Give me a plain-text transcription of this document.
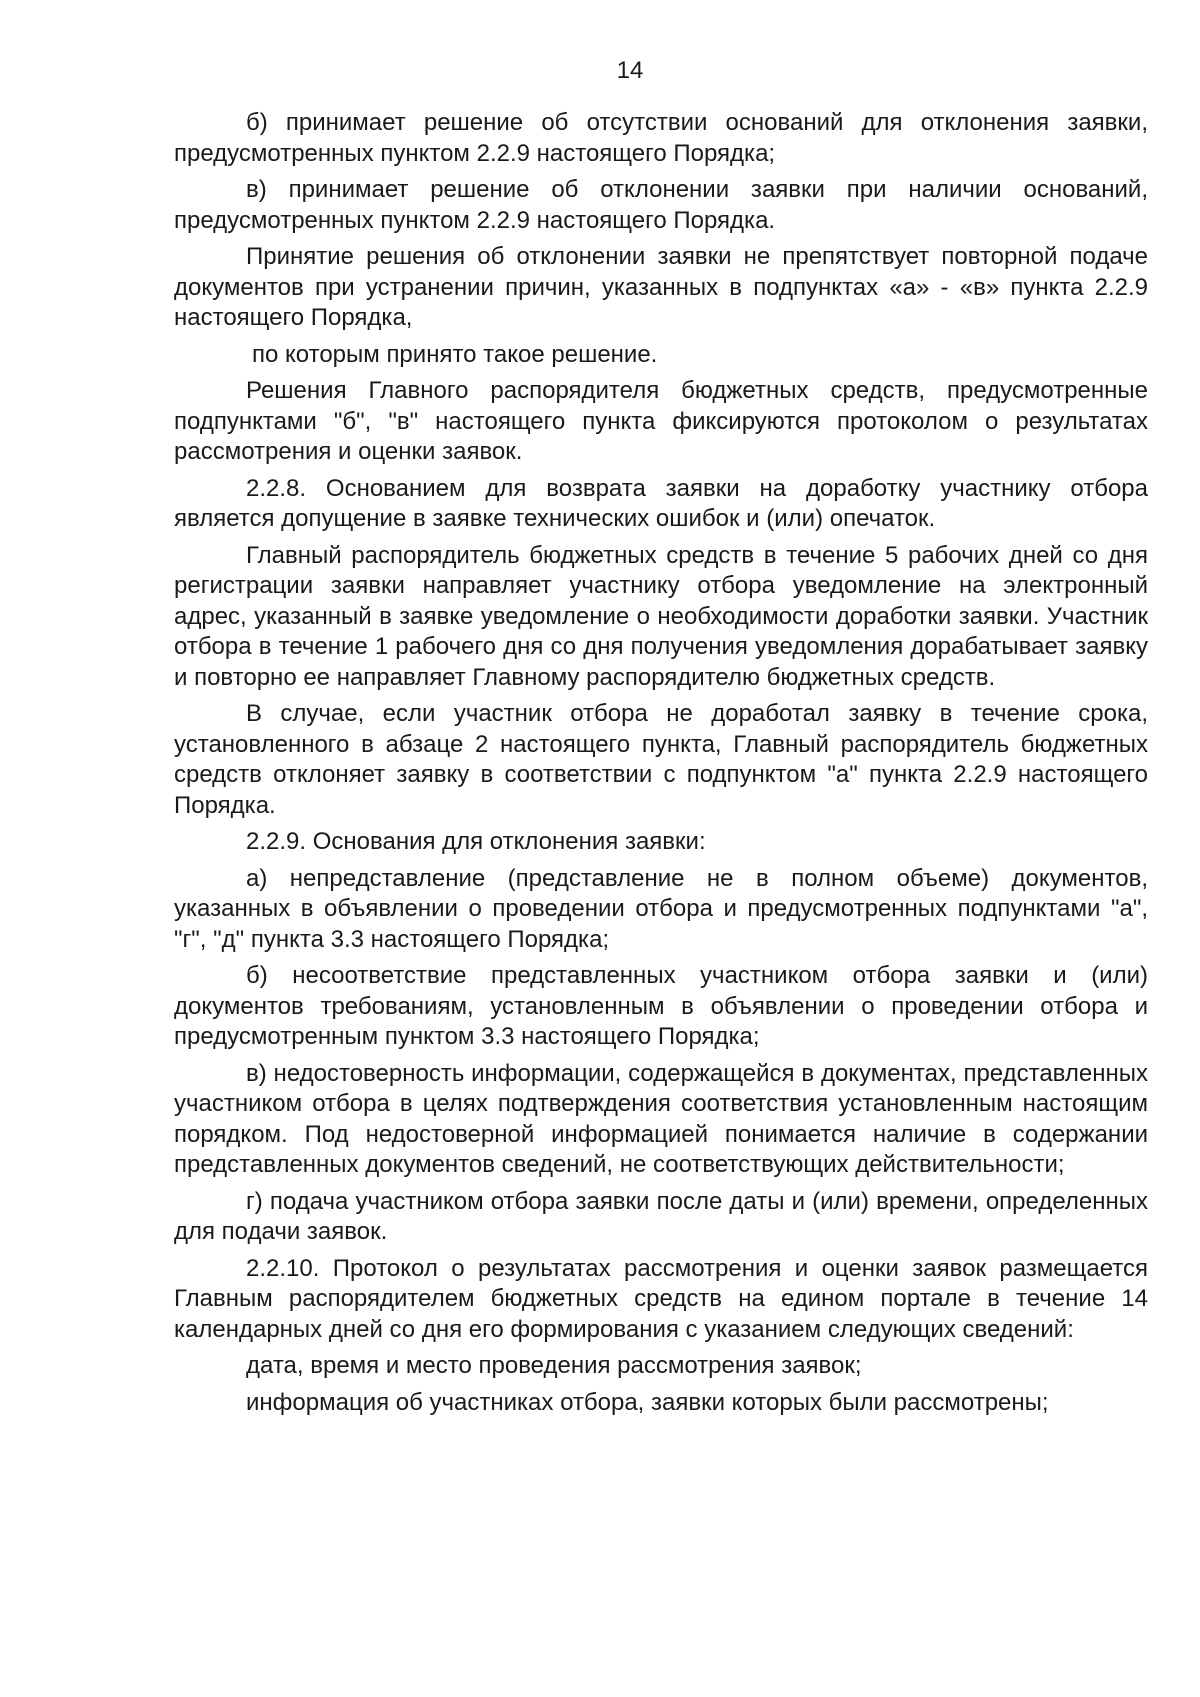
14

б) принимает решение об отсутствии оснований для отклонения заявки, предусмотренных пунктом 2.2.9 настоящего Порядка;

в) принимает решение об отклонении заявки при наличии оснований, предусмотренных пунктом 2.2.9 настоящего Порядка.

Принятие решения об отклонении заявки не препятствует повторной подаче документов при устранении причин, указанных в подпунктах «а» - «в» пункта 2.2.9 настоящего Порядка,

по которым принято такое решение.

Решения Главного распорядителя бюджетных средств, предусмотренные подпунктами "б", "в" настоящего пункта фиксируются протоколом о результатах рассмотрения и оценки заявок.

2.2.8. Основанием для возврата заявки на доработку участнику отбора является допущение в заявке технических ошибок и (или) опечаток.

Главный распорядитель бюджетных средств в течение 5 рабочих дней со дня регистрации заявки направляет участнику отбора уведомление на электронный адрес, указанный в заявке уведомление о необходимости доработки заявки. Участник отбора в течение 1 рабочего дня со дня получения уведомления дорабатывает заявку и повторно ее направляет Главному распорядителю бюджетных средств.

В случае, если участник отбора не доработал заявку в течение срока, установленного в абзаце 2 настоящего пункта, Главный распорядитель бюджетных средств отклоняет заявку в соответствии с подпунктом "а" пункта 2.2.9 настоящего Порядка.

2.2.9. Основания для отклонения заявки:

а) непредставление (представление не в полном объеме) документов, указанных в объявлении о проведении отбора и предусмотренных подпунктами "а", "г", "д" пункта 3.3 настоящего Порядка;

б) несоответствие представленных участником отбора заявки и (или) документов требованиям, установленным в объявлении о проведении отбора и предусмотренным пунктом 3.3 настоящего Порядка;

в) недостоверность информации, содержащейся в документах, представленных участником отбора в целях подтверждения соответствия установленным настоящим порядком. Под недостоверной информацией понимается наличие в содержании представленных документов сведений, не соответствующих действительности;

г) подача участником отбора заявки после даты и (или) времени, определенных для подачи заявок.

2.2.10. Протокол о результатах рассмотрения и оценки заявок размещается Главным распорядителем бюджетных средств на едином портале в течение 14 календарных дней со дня его формирования с указанием следующих сведений:

дата, время и место проведения рассмотрения заявок;

информация об участниках отбора, заявки которых были рассмотрены;
